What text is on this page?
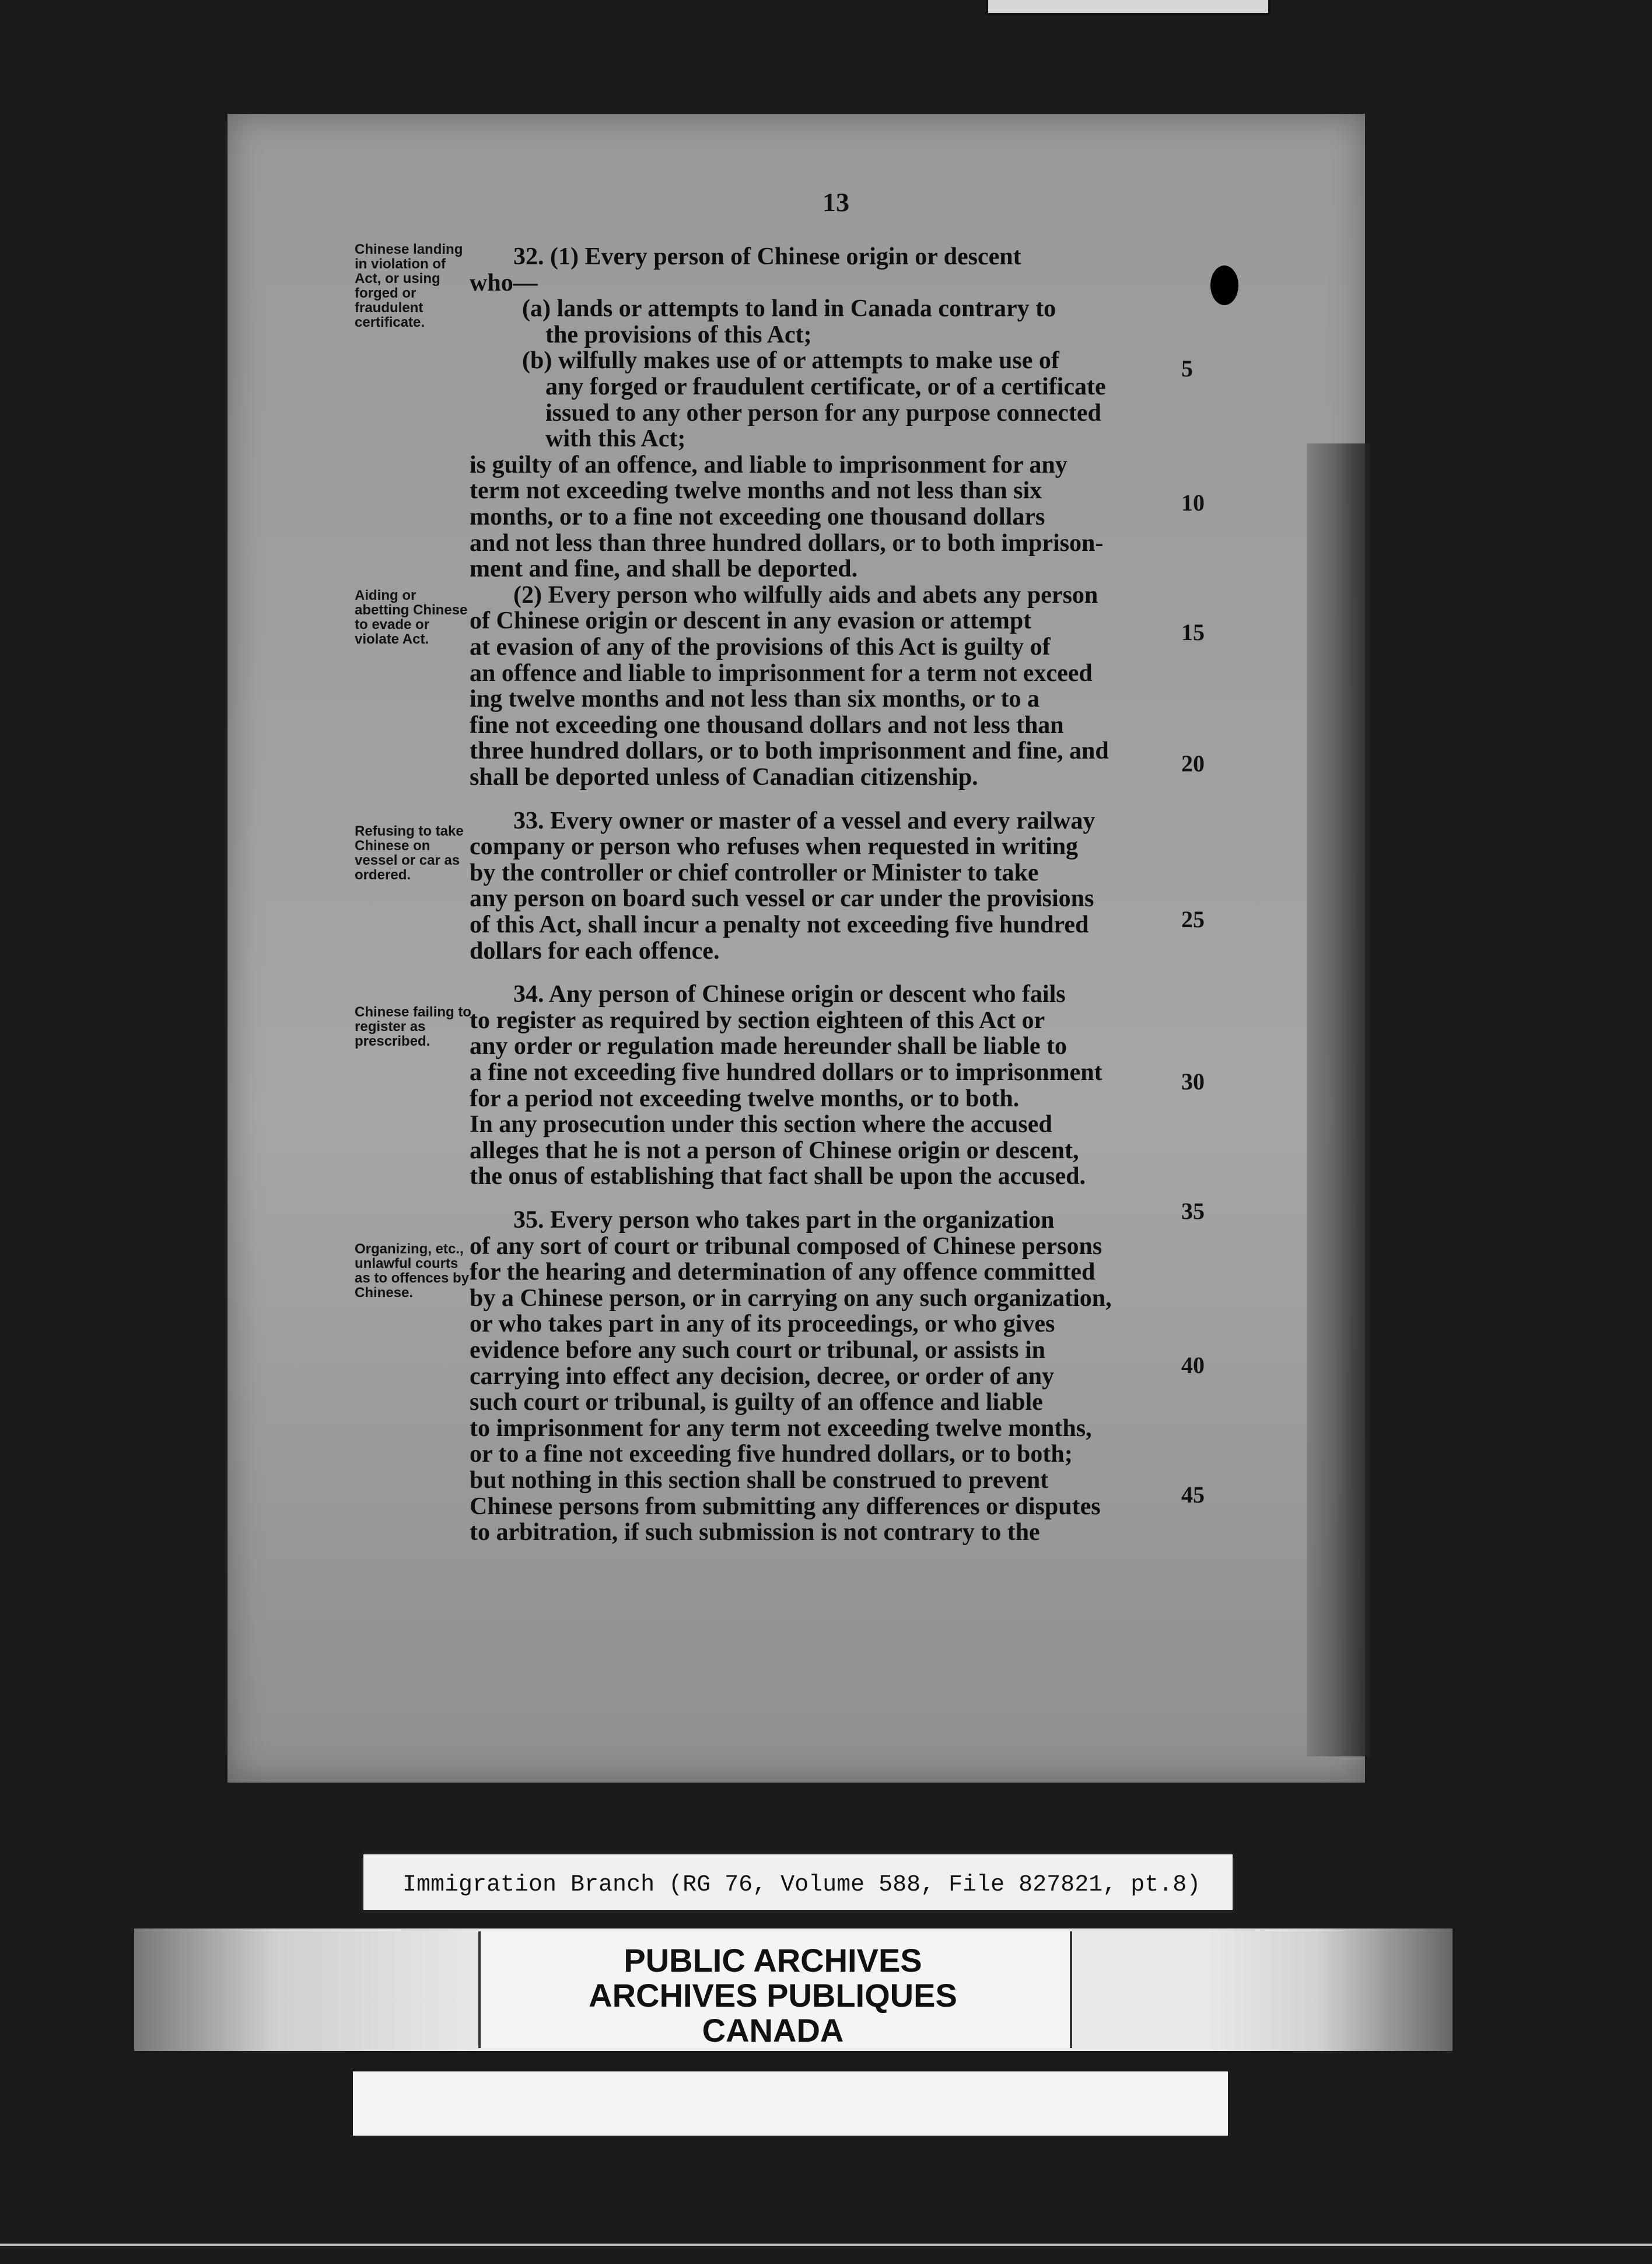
13
Chinese landing in violation of Act, or using forged or fraudulent certificate.
Aiding or abetting Chinese to evade or violate Act.
Refusing to take Chinese on vessel or car as ordered.
Chinese failing to register as prescribed.
Organizing, etc., unlawful courts as to offences by Chinese.
32. (1) Every person of Chinese origin or descent
who—
(a) lands or attempts to land in Canada contrary to
the provisions of this Act;
(b) wilfully makes use of or attempts to make use of
any forged or fraudulent certificate, or of a certificate
issued to any other person for any purpose connected
with this Act;
is guilty of an offence, and liable to imprisonment for any
term not exceeding twelve months and not less than six
months, or to a fine not exceeding one thousand dollars
and not less than three hundred dollars, or to both imprison-
ment and fine, and shall be deported.
(2) Every person who wilfully aids and abets any person
of Chinese origin or descent in any evasion or attempt
at evasion of any of the provisions of this Act is guilty of
an offence and liable to imprisonment for a term not exceed
ing twelve months and not less than six months, or to a
fine not exceeding one thousand dollars and not less than
three hundred dollars, or to both imprisonment and fine, and
shall be deported unless of Canadian citizenship.
33. Every owner or master of a vessel and every railway
company or person who refuses when requested in writing
by the controller or chief controller or Minister to take
any person on board such vessel or car under the provisions
of this Act, shall incur a penalty not exceeding five hundred
dollars for each offence.
34. Any person of Chinese origin or descent who fails
to register as required by section eighteen of this Act or
any order or regulation made hereunder shall be liable to
a fine not exceeding five hundred dollars or to imprisonment
for a period not exceeding twelve months, or to both.
In any prosecution under this section where the accused
alleges that he is not a person of Chinese origin or descent,
the onus of establishing that fact shall be upon the accused.
35. Every person who takes part in the organization
of any sort of court or tribunal composed of Chinese persons
for the hearing and determination of any offence committed
by a Chinese person, or in carrying on any such organization,
or who takes part in any of its proceedings, or who gives
evidence before any such court or tribunal, or assists in
carrying into effect any decision, decree, or order of any
such court or tribunal, is guilty of an offence and liable
to imprisonment for any term not exceeding twelve months,
or to a fine not exceeding five hundred dollars, or to both;
but nothing in this section shall be construed to prevent
Chinese persons from submitting any differences or disputes
to arbitration, if such submission is not contrary to the
5
10
15
20
25
30
35
40
45
Immigration Branch (RG 76, Volume 588, File 827821, pt.8)
PUBLIC ARCHIVES
ARCHIVES PUBLIQUES
CANADA
